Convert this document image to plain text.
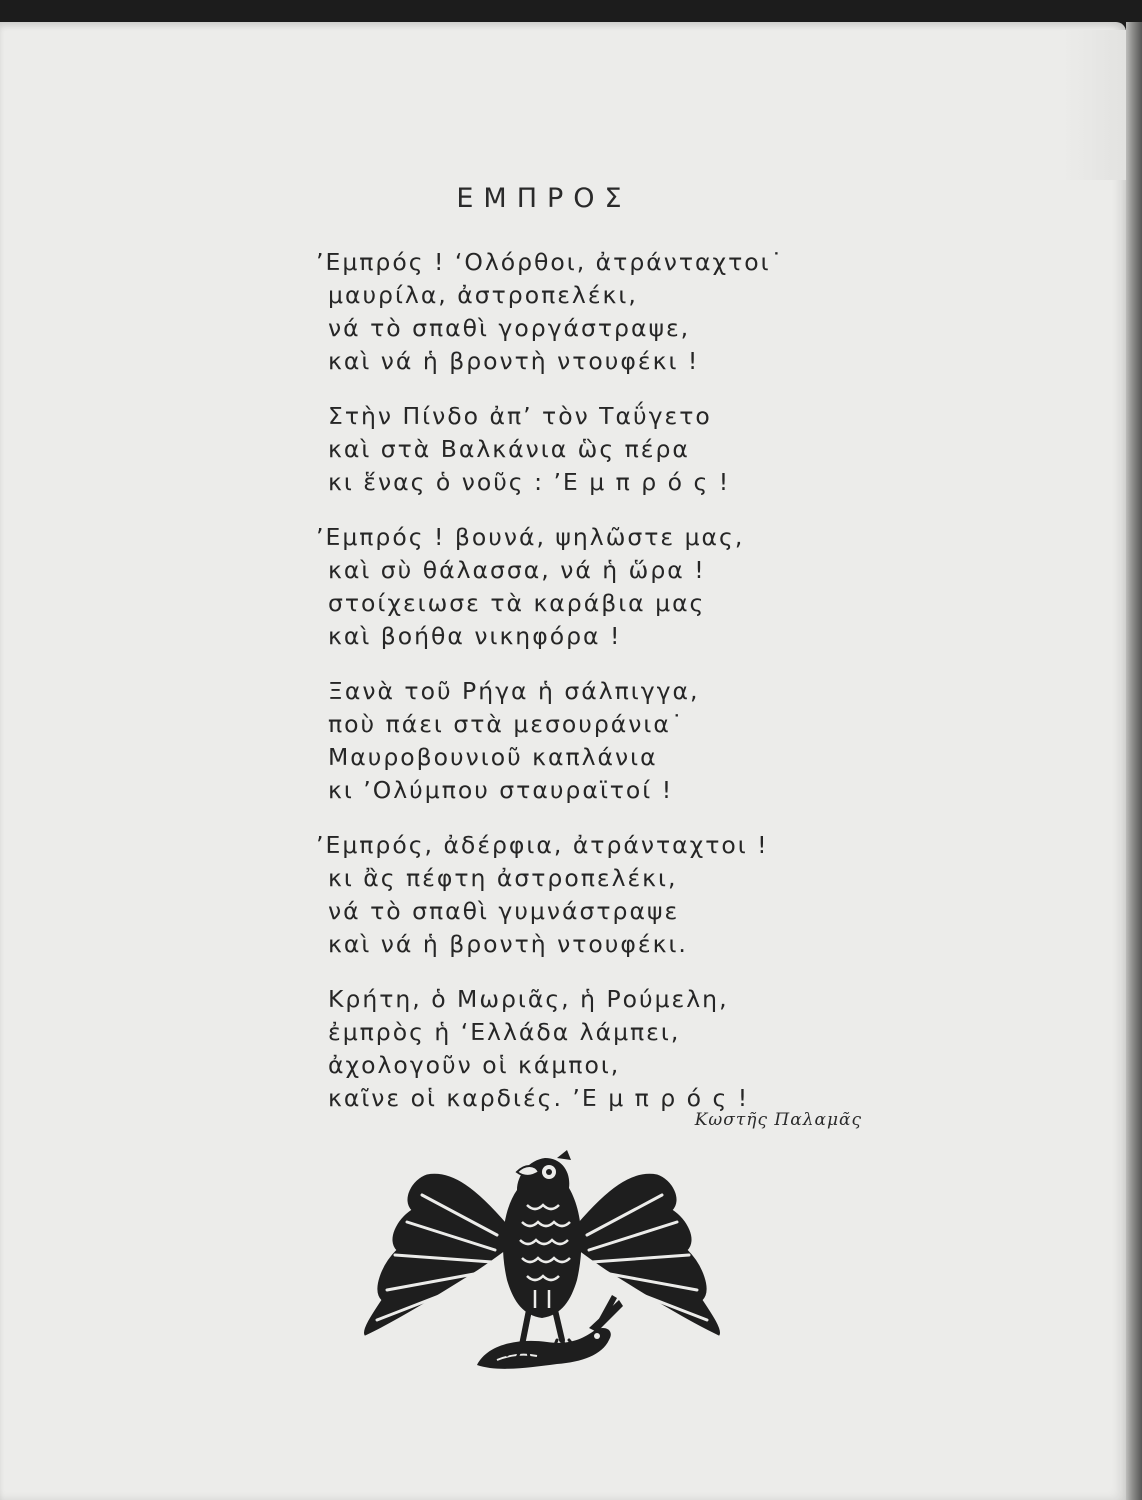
ΕΜΠΡΟΣ
’Εμπρός ! ‘Ολόρθοι, ἀτράνταχτοι˙
μαυρίλα, ἀστροπελέκι,
νά τὸ σπαθὶ γοργάστραψε,
καὶ νά ἡ βροντὴ ντουφέκι !
Στὴν Πίνδο ἀπ’ τὸν Ταΰγετο
καὶ στὰ Βαλκάνια ὣς πέρα
κι ἕνας ὁ νοῦς : ’Ε μ π ρ ό ς !
’Εμπρός ! βουνά, ψηλῶστε μας,
καὶ σὺ θάλασσα, νά ἡ ὥρα !
στοίχειωσε τὰ καράβια μας
καὶ βοήθα νικηφόρα !
Ξανὰ τοῦ Ρήγα ἡ σάλπιγγα,
ποὺ πάει στὰ μεσουράνια˙
Μαυροβουνιοῦ καπλάνια
κι ’Ολύμπου σταυραϊτοί !
’Εμπρός, ἀδέρφια, ἀτράνταχτοι !
κι ἂς πέφτη ἀστροπελέκι,
νά τὸ σπαθὶ γυμνάστραψε
καὶ νά ἡ βροντὴ ντουφέκι.
Κρήτη, ὁ Μωριᾶς, ἡ Ρούμελη,
ἐμπρὸς ἡ ‘Ελλάδα λάμπει,
ἀχολογοῦν οἱ κάμποι,
καῖνε οἱ καρδιές. ’Ε μ π ρ ό ς !
Κωστῆς Παλαμᾶς
